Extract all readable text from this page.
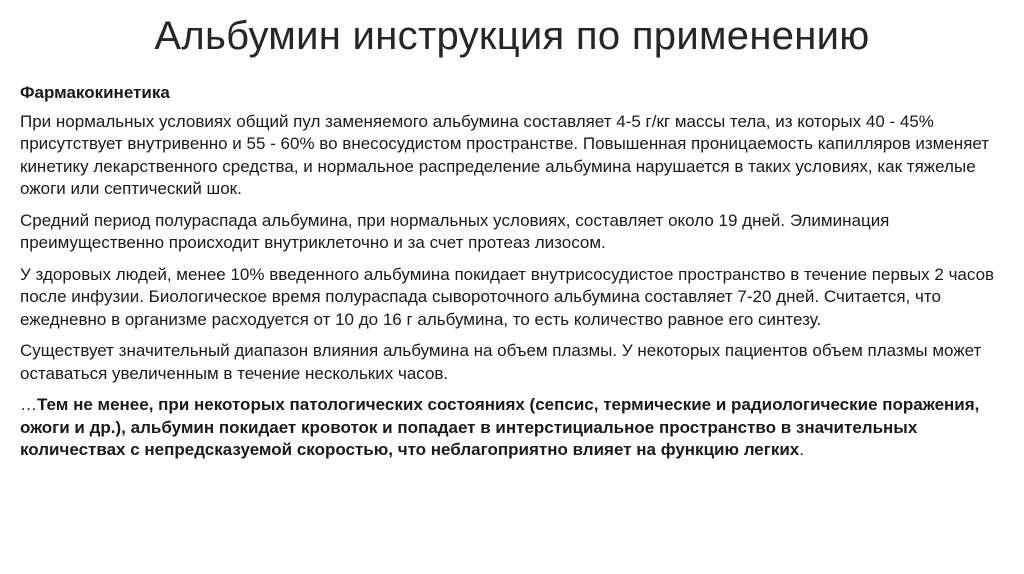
Альбумин инструкция по применению

Фармакокинетика

При нормальных условиях общий пул заменяемого альбумина составляет 4-5 г/кг массы тела, из которых 40 - 45% присутствует внутривенно и 55 - 60% во внесосудистом пространстве. Повышенная проницаемость капилляров изменяет кинетику лекарственного средства, и нормальное распределение альбумина нарушается в таких условиях, как тяжелые ожоги или септический шок.

Средний период полураспада альбумина, при нормальных условиях, составляет около 19 дней. Элиминация преимущественно происходит внутриклеточно и за счет протеаз лизосом.

У здоровых людей, менее 10% введенного альбумина покидает внутрисосудистое пространство в течение первых 2 часов после инфузии. Биологическое время полураспада сывороточного альбумина составляет 7-20 дней. Считается, что ежедневно в организме расходуется от 10 до 16 г альбумина, то есть количество равное его синтезу.

Существует значительный диапазон влияния альбумина на объем плазмы. У некоторых пациентов объем плазмы может оставаться увеличенным в течение нескольких часов.

…Тем не менее, при некоторых патологических состояниях (сепсис, термические и радиологические поражения, ожоги и др.), альбумин покидает кровоток и попадает в интерстициальное пространство в значительных количествах с непредсказуемой скоростью, что неблагоприятно влияет на функцию легких.
